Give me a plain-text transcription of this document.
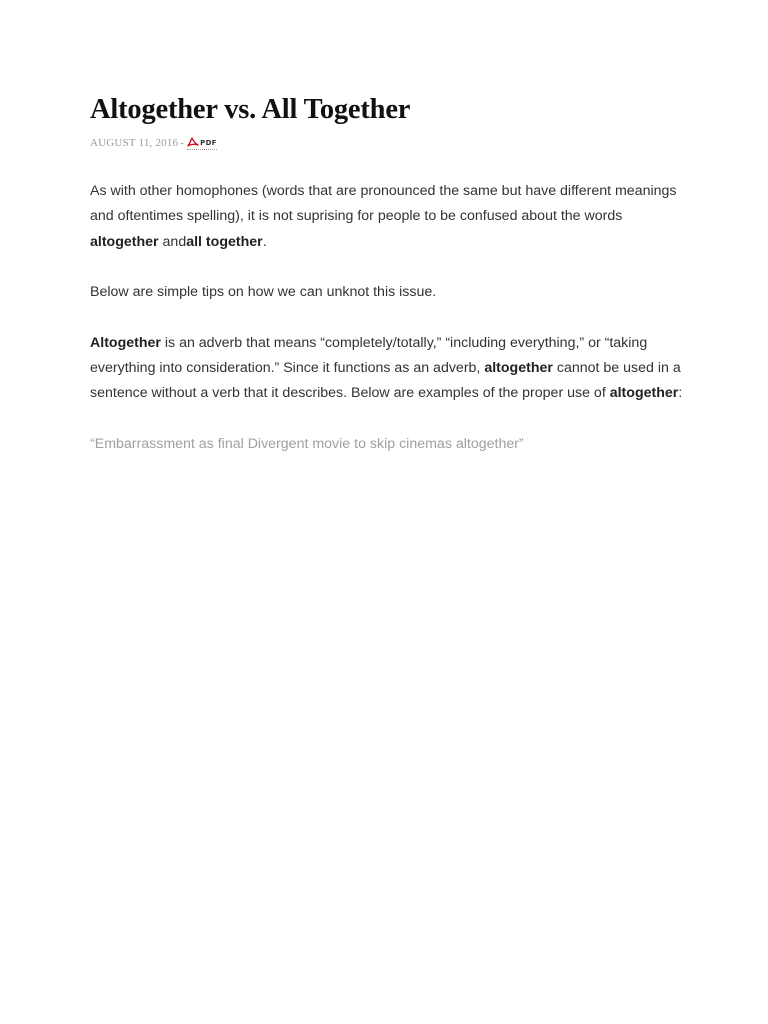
Altogether vs. All Together
AUGUST 11, 2016 - PDF

As with other homophones (words that are pronounced the same but have different meanings and oftentimes spelling), it is not suprising for people to be confused about the words altogether andall together.

Below are simple tips on how we can unknot this issue.

Altogether is an adverb that means “completely/totally,” “including everything,” or “taking everything into consideration.” Since it functions as an adverb, altogether cannot be used in a sentence without a verb that it describes. Below are examples of the proper use of altogether:

“Embarrassment as final Divergent movie to skip cinemas altogether”
